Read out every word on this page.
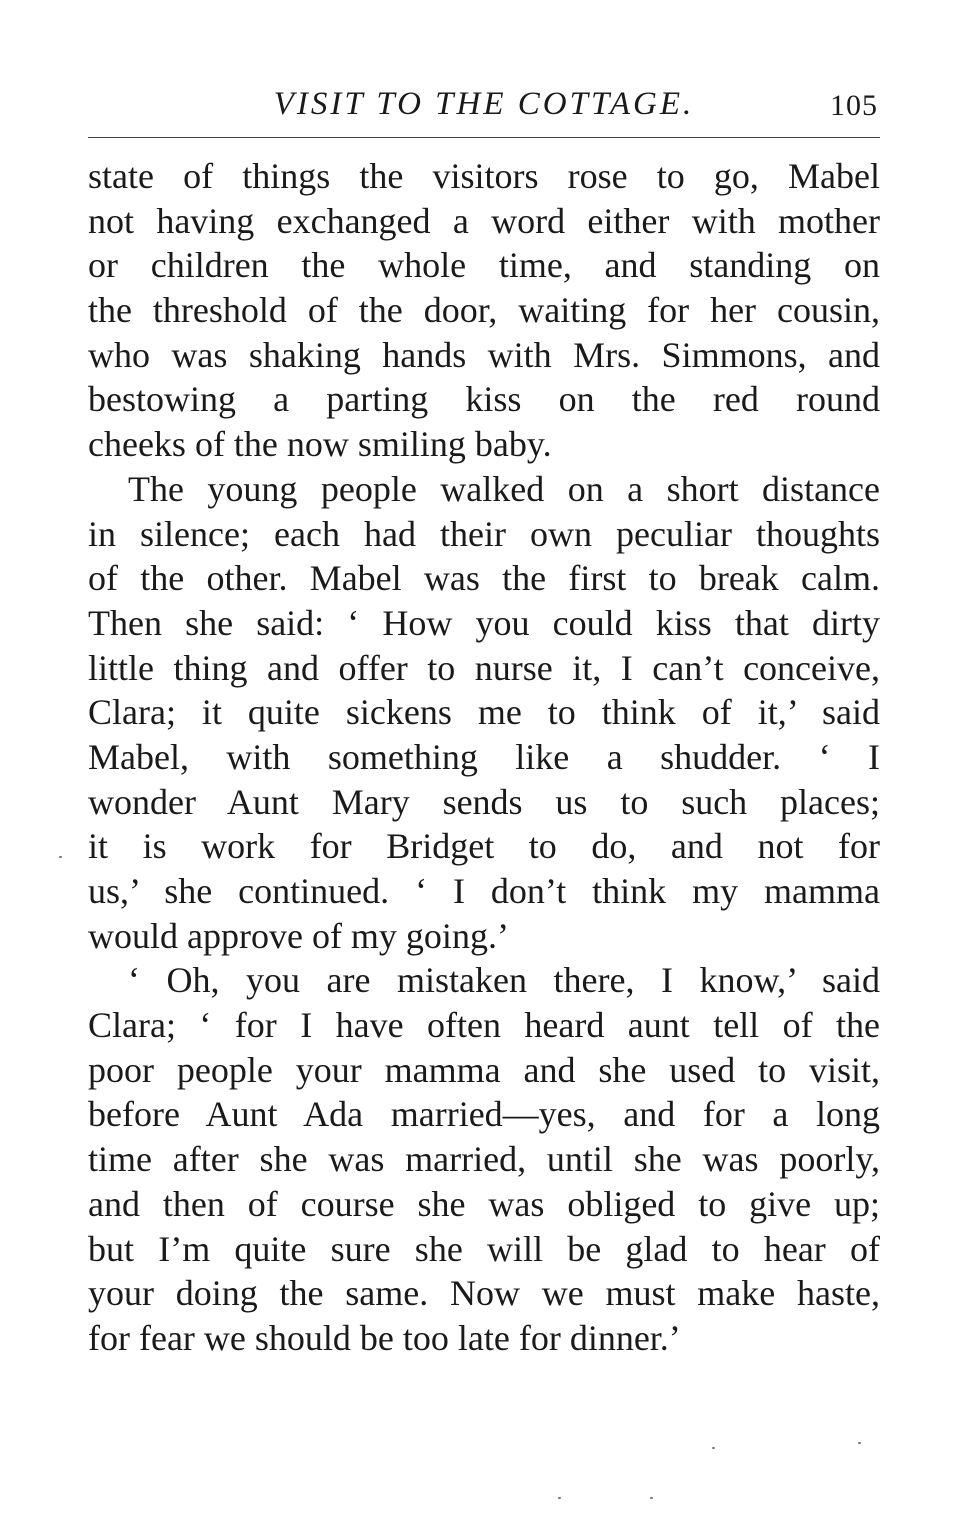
VISIT TO THE COTTAGE.	105
state of things the visitors rose to go, Mabel
not having exchanged a word either with mother
or children the whole time, and standing on
the threshold of the door, waiting for her cousin,
who was shaking hands with Mrs. Simmons, and
bestowing a parting kiss on the red round
cheeks of the now smiling baby.
The young people walked on a short distance
in silence; each had their own peculiar thoughts
of the other. Mabel was the first to break calm.
Then she said: ‘ How you could kiss that dirty
little thing and offer to nurse it, I can’t conceive,
Clara; it quite sickens me to think of it,’ said
Mabel, with something like a shudder. ‘ I
wonder Aunt Mary sends us to such places;
it is work for Bridget to do, and not for
us,’ she continued. ‘ I don’t think my mamma
would approve of my going.’
‘ Oh, you are mistaken there, I know,’ said
Clara; ‘ for I have often heard aunt tell of the
poor people your mamma and she used to visit,
before Aunt Ada married—yes, and for a long
time after she was married, until she was poorly,
and then of course she was obliged to give up;
but I’m quite sure she will be glad to hear of
your doing the same. Now we must make haste,
for fear we should be too late for dinner.’
